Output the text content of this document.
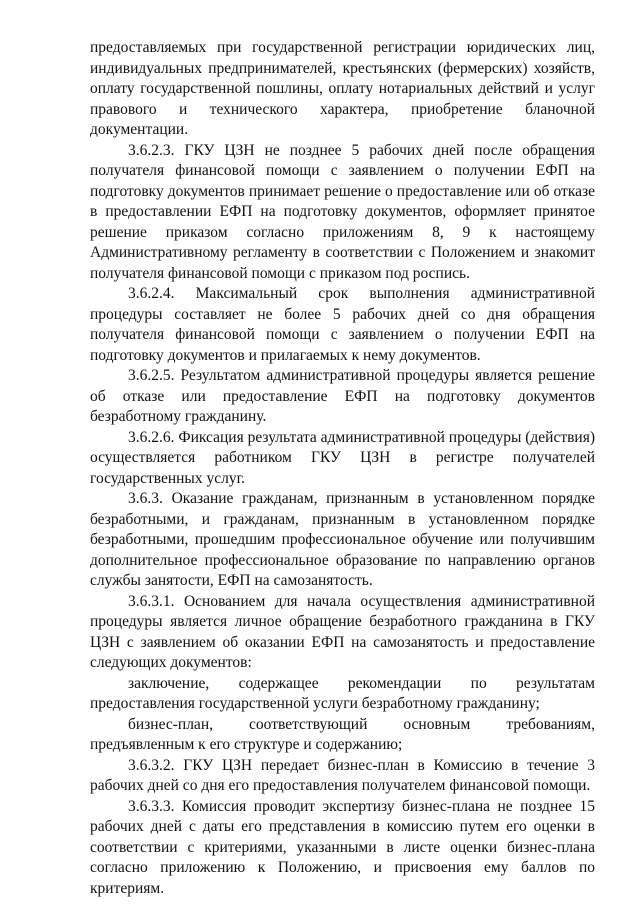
предоставляемых при государственной регистрации юридических лиц, индивидуальных предпринимателей, крестьянских (фермерских) хозяйств, оплату государственной пошлины, оплату нотариальных действий и услуг правового и технического характера, приобретение бланочной документации.

3.6.2.3. ГКУ ЦЗН не позднее 5 рабочих дней после обращения получателя финансовой помощи с заявлением о получении ЕФП на подготовку документов принимает решение о предоставление или об отказе в предоставлении ЕФП на подготовку документов, оформляет принятое решение приказом согласно приложениям 8, 9 к настоящему Административному регламенту в соответствии с Положением и знакомит получателя финансовой помощи с приказом под роспись.

3.6.2.4. Максимальный срок выполнения административной процедуры составляет не более 5 рабочих дней со дня обращения получателя финансовой помощи с заявлением о получении ЕФП на подготовку документов и прилагаемых к нему документов.

3.6.2.5. Результатом административной процедуры является решение об отказе или предоставление ЕФП на подготовку документов безработному гражданину.

3.6.2.6. Фиксация результата административной процедуры (действия) осуществляется работником ГКУ ЦЗН в регистре получателей государственных услуг.

3.6.3. Оказание гражданам, признанным в установленном порядке безработными, и гражданам, признанным в установленном порядке безработными, прошедшим профессиональное обучение или получившим дополнительное профессиональное образование по направлению органов службы занятости, ЕФП на самозанятость.

3.6.3.1. Основанием для начала осуществления административной процедуры является личное обращение безработного гражданина в ГКУ ЦЗН с заявлением об оказании ЕФП на самозанятость и предоставление следующих документов:

заключение, содержащее рекомендации по результатам предоставления государственной услуги безработному гражданину;

бизнес-план, соответствующий основным требованиям, предъявленным к его структуре и содержанию;

3.6.3.2. ГКУ ЦЗН передает бизнес-план в Комиссию в течение 3 рабочих дней со дня его предоставления получателем финансовой помощи.

3.6.3.3. Комиссия проводит экспертизу бизнес-плана не позднее 15 рабочих дней с даты его представления в комиссию путем его оценки в соответствии с критериями, указанными в листе оценки бизнес-плана согласно приложению к Положению, и присвоения ему баллов по критериям.
